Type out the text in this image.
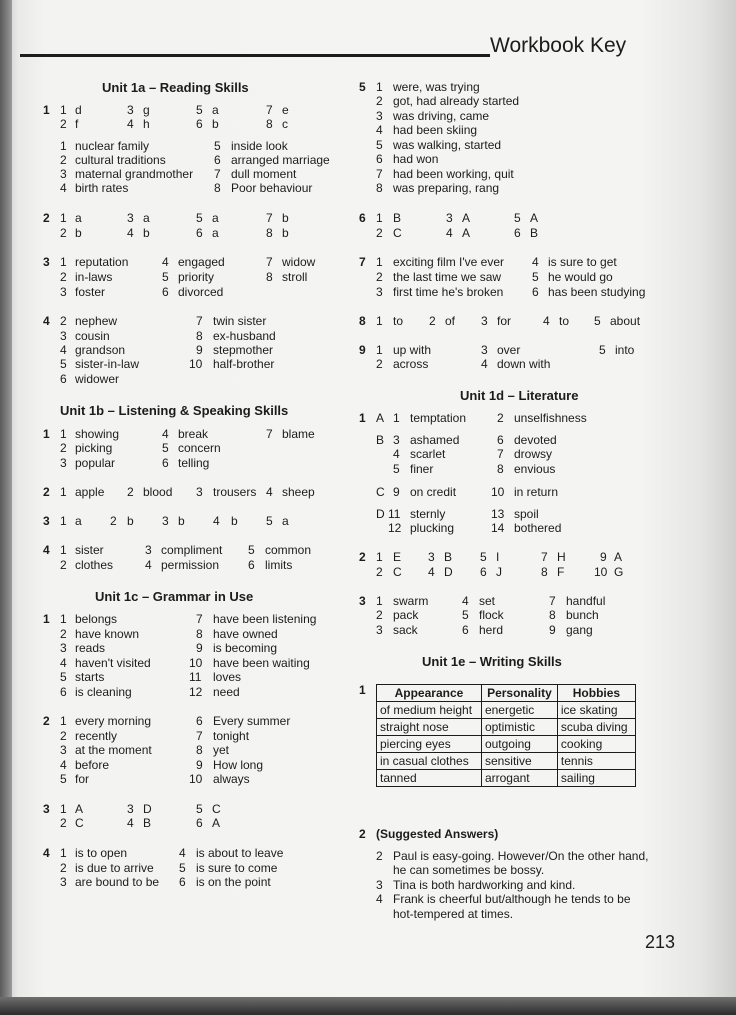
Workbook Key
Unit 1a – Reading Skills
Unit 1b – Listening & Speaking Skills
Unit 1c – Grammar in Use
Unit 1d – Literature
Unit 1e – Writing Skills
1 1 d	3 g	5 a	7 e
2 f	4 h	6 b	8 c
1 nuclear family	5 inside look
2 cultural traditions	6 arranged marriage
3 maternal grandmother 7 dull moment
4 birth rates	8 Poor behaviour
2 1 a	3 a	5 a	7 b
2 b	4 b	6 a	8 b
3 1 reputation	4 engaged	7 widow
2 in-laws	5 priority	8 stroll
3 foster	6 divorced
4 2 nephew	7 twin sister
3 cousin	8 ex-husband
4 grandson	9 stepmother
5 sister-in-law	10 half-brother
6 widower
1 1 showing	4 break	7 blame
2 picking	5 concern
3 popular	6 telling
2 1 apple 2 blood 3 trousers 4 sheep
3 1 a 2 b 3 b 4 b 5 a
4 1 sister	3 compliment 5 common
2 clothes	4 permission 6 limits
1 1 belongs	7 have been listening
2 have known	8 have owned
3 reads	9 is becoming
4 haven't visited	10 have been waiting
5 starts	11 loves
6 is cleaning	12 need
2 1 every morning	6 Every summer
2 recently	7 tonight
3 at the moment	8 yet
4 before	9 How long
5 for	10 always
3 1 A	3 D	5 C
2 C	4 B	6 A
4 1 is to open	4 is about to leave
2 is due to arrive 5 is sure to come
3 are bound to be 6 is on the point
5 1 were, was trying
2 got, had already started
3 was driving, came
4 had been skiing
5 was walking, started
6 had won
7 had been working, quit
8 was preparing, rang
6 1 B	3 A	5 A
2 C	4 A	6 B
7 1 exciting film I've ever 4 is sure to get
2 the last time we saw	5 he would go
3 first time he's broken 6 has been studying
8 1 to 2 of 3 for	4 to 5 about
9 1 up with	3 over	5 into
2 across	4 down with
1 A 1 temptation	2 unselfishness
B 3 ashamed	6 devoted
4 scarlet	7 drowsy
5 finer	8 envious
C 9 on credit	10 in return
D 11 sternly	13 spoil
12 plucking	14 bothered
2 1 E 3 B 5 I	7 H	9 A
2 C 4 D 6 J	8 F 10 G
3 1 swarm	4 set	7 handful
2 pack	5 flock	8 bunch
3 sack	6 herd	9 gang
1
2 (Suggested Answers)
2 Paul is easy-going. However/On the other hand,
he can sometimes be bossy.
3 Tina is both hardworking and kind.
4 Frank is cheerful but/although he tends to be
hot-tempered at times.
Appearance	Personality	Hobbies
of medium height	energetic	ice skating
straight nose	optimistic	scuba diving
piercing eyes	outgoing	cooking
in casual clothes	sensitive	tennis
tanned	arrogant	sailing
213
